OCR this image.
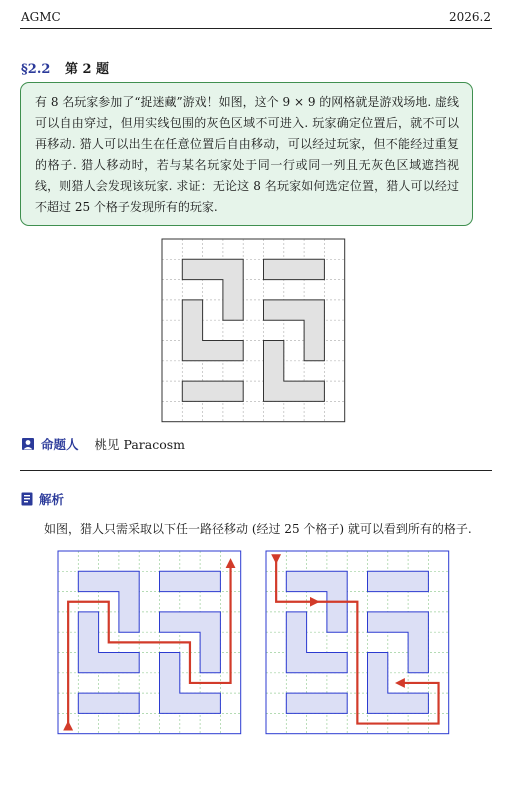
AGMC	2026.2
§2.2 第 2 题
有 8 名玩家参加了“捉迷藏”游戏！如图，这个 9 × 9 的网格就是游戏场地. 虚线可以自由穿过，但用实线包围的灰色区域不可进入. 玩家确定位置后，就不可以再移动. 猎人可以出生在任意位置后自由移动，可以经过玩家，但不能经过重复的格子. 猎人移动时，若与某名玩家处于同一行或同一列且无灰色区域遮挡视线，则猎人会发现该玩家. 求证：无论这 8 名玩家如何选定位置，猎人可以经过不超过 25 个格子发现所有的玩家.
命题人 桃见 Paracosm
解析
如图，猎人只需采取以下任一路径移动 (经过 25 个格子) 就可以看到所有的格子.
